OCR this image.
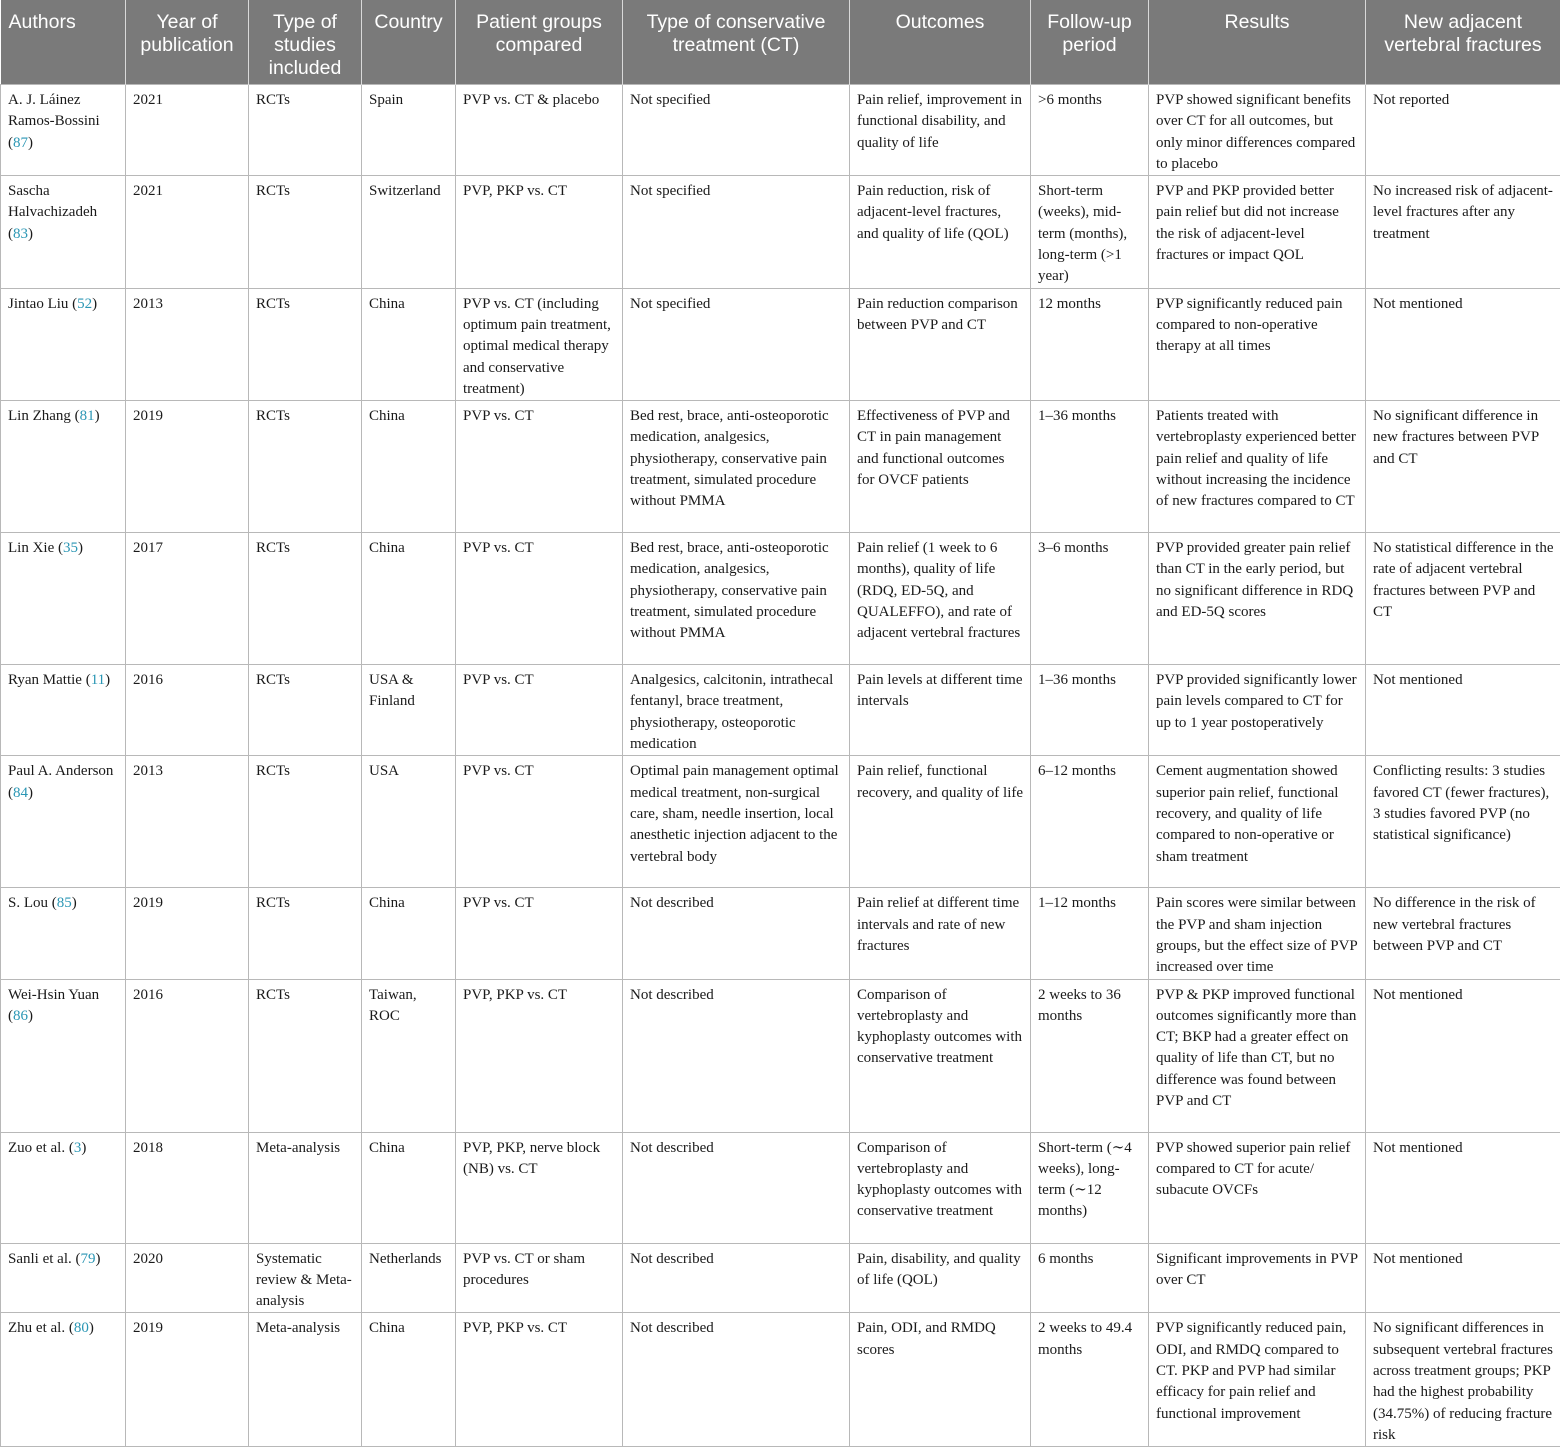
Authors	Year of publication	Type of studies included	Country	Patient groups compared	Type of conservative treatment (CT)	Outcomes	Follow-up period	Results	New adjacent vertebral fractures
A. J. Láinez Ramos-Bossini (87)	2021	RCTs	Spain	PVP vs. CT & placebo	Not specified	Pain relief, improvement in functional disability, and quality of life	>6 months	PVP showed significant benefits over CT for all outcomes, but only minor differences compared to placebo	Not reported
Sascha Halvachizadeh (83)	2021	RCTs	Switzerland	PVP, PKP vs. CT	Not specified	Pain reduction, risk of adjacent-level fractures, and quality of life (QOL)	Short-term (weeks), mid-term (months), long-term (>1 year)	PVP and PKP provided better pain relief but did not increase the risk of adjacent-level fractures or impact QOL	No increased risk of adjacent-level fractures after any treatment
Jintao Liu (52)	2013	RCTs	China	PVP vs. CT (including optimum pain treatment, optimal medical therapy and conservative treatment)	Not specified	Pain reduction comparison between PVP and CT	12 months	PVP significantly reduced pain compared to non-operative therapy at all times	Not mentioned
Lin Zhang (81)	2019	RCTs	China	PVP vs. CT	Bed rest, brace, anti-osteoporotic medication, analgesics, physiotherapy, conservative pain treatment, simulated procedure without PMMA	Effectiveness of PVP and CT in pain management and functional outcomes for OVCF patients	1–36 months	Patients treated with vertebroplasty experienced better pain relief and quality of life without increasing the incidence of new fractures compared to CT	No significant difference in new fractures between PVP and CT
Lin Xie (35)	2017	RCTs	China	PVP vs. CT	Bed rest, brace, anti-osteoporotic medication, analgesics, physiotherapy, conservative pain treatment, simulated procedure without PMMA	Pain relief (1 week to 6 months), quality of life (RDQ, ED-5Q, and QUALEFFO), and rate of adjacent vertebral fractures	3–6 months	PVP provided greater pain relief than CT in the early period, but no significant difference in RDQ and ED-5Q scores	No statistical difference in the rate of adjacent vertebral fractures between PVP and CT
Ryan Mattie (11)	2016	RCTs	USA & Finland	PVP vs. CT	Analgesics, calcitonin, intrathecal fentanyl, brace treatment, physiotherapy, osteoporotic medication	Pain levels at different time intervals	1–36 months	PVP provided significantly lower pain levels compared to CT for up to 1 year postoperatively	Not mentioned
Paul A. Anderson (84)	2013	RCTs	USA	PVP vs. CT	Optimal pain management optimal medical treatment, non-surgical care, sham, needle insertion, local anesthetic injection adjacent to the vertebral body	Pain relief, functional recovery, and quality of life	6–12 months	Cement augmentation showed superior pain relief, functional recovery, and quality of life compared to non-operative or sham treatment	Conflicting results: 3 studies favored CT (fewer fractures), 3 studies favored PVP (no statistical significance)
S. Lou (85)	2019	RCTs	China	PVP vs. CT	Not described	Pain relief at different time intervals and rate of new fractures	1–12 months	Pain scores were similar between the PVP and sham injection groups, but the effect size of PVP increased over time	No difference in the risk of new vertebral fractures between PVP and CT
Wei-Hsin Yuan (86)	2016	RCTs	Taiwan, ROC	PVP, PKP vs. CT	Not described	Comparison of vertebroplasty and kyphoplasty outcomes with conservative treatment	2 weeks to 36 months	PVP & PKP improved functional outcomes significantly more than CT; BKP had a greater effect on quality of life than CT, but no difference was found between PVP and CT	Not mentioned
Zuo et al. (3)	2018	Meta-analysis	China	PVP, PKP, nerve block (NB) vs. CT	Not described	Comparison of vertebroplasty and kyphoplasty outcomes with conservative treatment	Short-term (∼4 weeks), long-term (∼12 months)	PVP showed superior pain relief compared to CT for acute/ subacute OVCFs	Not mentioned
Sanli et al. (79)	2020	Systematic review & Meta-analysis	Netherlands	PVP vs. CT or sham procedures	Not described	Pain, disability, and quality of life (QOL)	6 months	Significant improvements in PVP over CT	Not mentioned
Zhu et al. (80)	2019	Meta-analysis	China	PVP, PKP vs. CT	Not described	Pain, ODI, and RMDQ scores	2 weeks to 49.4 months	PVP significantly reduced pain, ODI, and RMDQ compared to CT. PKP and PVP had similar efficacy for pain relief and functional improvement	No significant differences in subsequent vertebral fractures across treatment groups; PKP had the highest probability (34.75%) of reducing fracture risk
